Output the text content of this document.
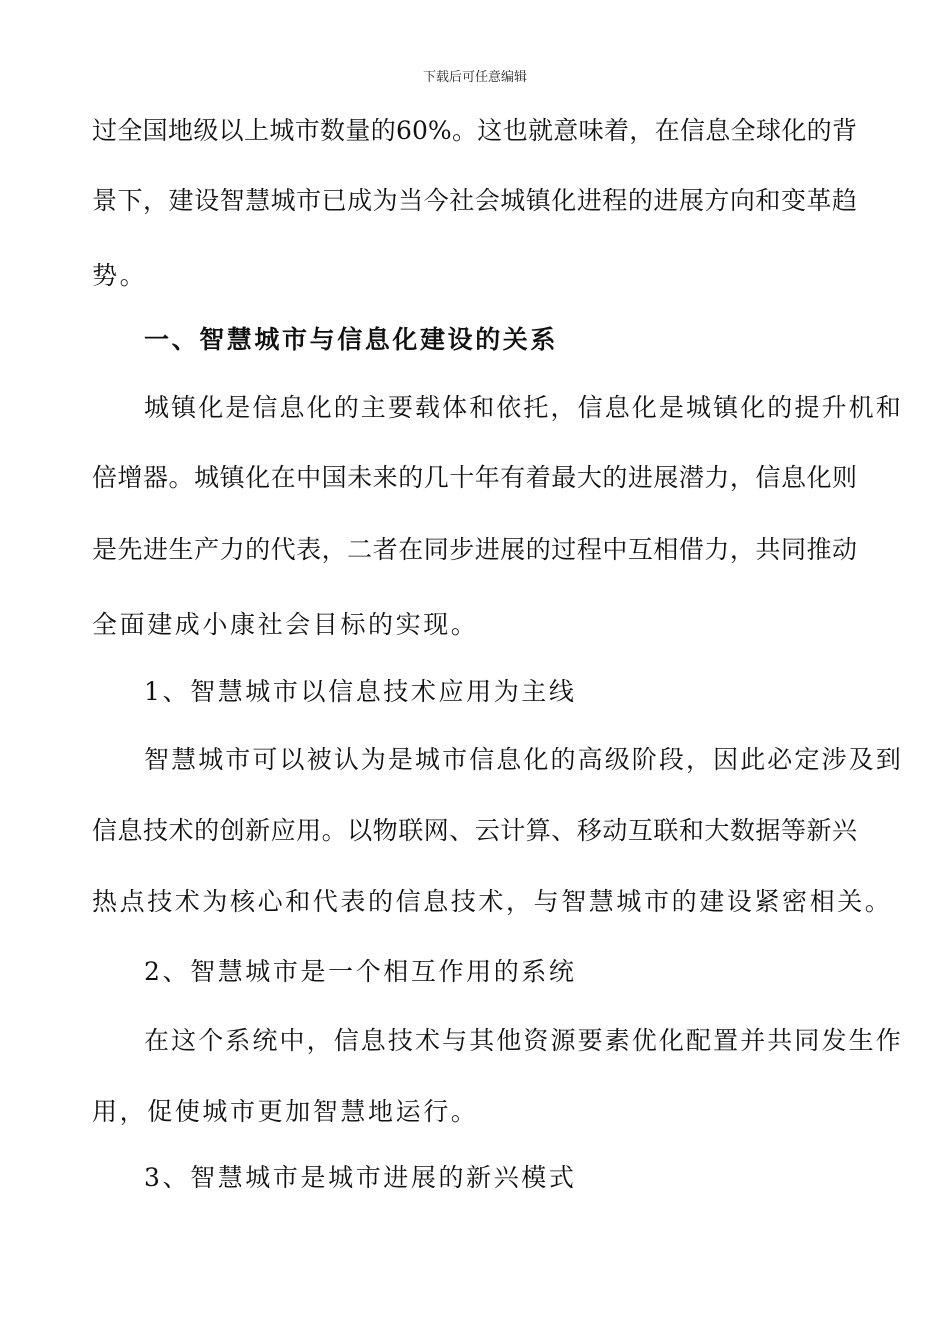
下载后可任意编辑
过全国地级以上城市数量的60%。这也就意味着，在信息全球化的背
景下，建设智慧城市已成为当今社会城镇化进程的进展方向和变革趋
势。
一、智慧城市与信息化建设的关系
城镇化是信息化的主要载体和依托，信息化是城镇化的提升机和
倍增器。城镇化在中国未来的几十年有着最大的进展潜力，信息化则
是先进生产力的代表，二者在同步进展的过程中互相借力，共同推动
全面建成小康社会目标的实现。
1、智慧城市以信息技术应用为主线
智慧城市可以被认为是城市信息化的高级阶段，因此必定涉及到
信息技术的创新应用。以物联网、云计算、移动互联和大数据等新兴
热点技术为核心和代表的信息技术，与智慧城市的建设紧密相关。
2、智慧城市是一个相互作用的系统
在这个系统中，信息技术与其他资源要素优化配置并共同发生作
用，促使城市更加智慧地运行。
3、智慧城市是城市进展的新兴模式
